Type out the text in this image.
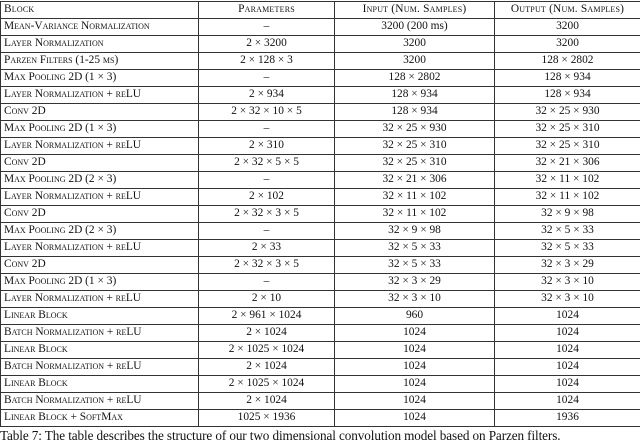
Block	Parameters	Input (Num. Samples)	Output (Num. Samples)
Mean-Variance Normalization	–	3200 (200 ms)	3200
Layer Normalization	2 × 3200	3200	3200
Parzen Filters (1-25 ms)	2 × 128 × 3	3200	128 × 2802
Max Pooling 2D (1 × 3)	–	128 × 2802	128 × 934
Layer Normalization + reLU	2 × 934	128 × 934	128 × 934
Conv 2D	2 × 32 × 10 × 5	128 × 934	32 × 25 × 930
Max Pooling 2D (1 × 3)	–	32 × 25 × 930	32 × 25 × 310
Layer Normalization + reLU	2 × 310	32 × 25 × 310	32 × 25 × 310
Conv 2D	2 × 32 × 5 × 5	32 × 25 × 310	32 × 21 × 306
Max Pooling 2D (2 × 3)	–	32 × 21 × 306	32 × 11 × 102
Layer Normalization + reLU	2 × 102	32 × 11 × 102	32 × 11 × 102
Conv 2D	2 × 32 × 3 × 5	32 × 11 × 102	32 × 9 × 98
Max Pooling 2D (2 × 3)	–	32 × 9 × 98	32 × 5 × 33
Layer Normalization + reLU	2 × 33	32 × 5 × 33	32 × 5 × 33
Conv 2D	2 × 32 × 3 × 5	32 × 5 × 33	32 × 3 × 29
Max Pooling 2D (1 × 3)	–	32 × 3 × 29	32 × 3 × 10
Layer Normalization + reLU	2 × 10	32 × 3 × 10	32 × 3 × 10
Linear Block	2 × 961 × 1024	960	1024
Batch Normalization + reLU	2 × 1024	1024	1024
Linear Block	2 × 1025 × 1024	1024	1024
Batch Normalization + reLU	2 × 1024	1024	1024
Linear Block	2 × 1025 × 1024	1024	1024
Batch Normalization + reLU	2 × 1024	1024	1024
Linear Block + SoftMax	1025 × 1936	1024	1936
Table 7: The table describes the structure of our two dimensional convolution model based on Parzen filters.
